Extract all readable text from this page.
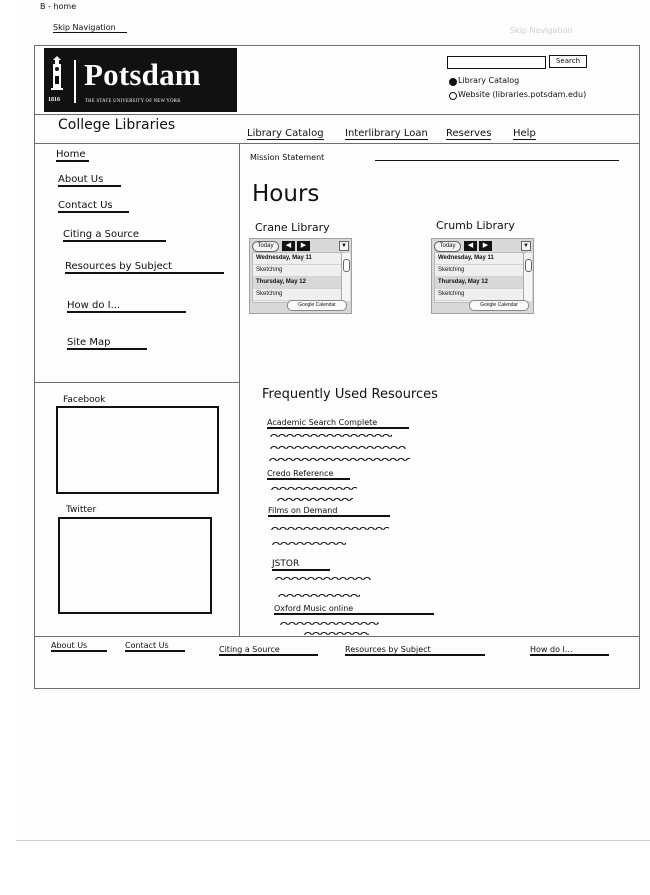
B - home
Skip Navigation	Skip Navigation
1816
Potsdam
THE STATE UNIVERSITY OF NEW YORK
Search
Library Catalog
Website (libraries.potsdam.edu)
College Libraries
Library Catalog Interlibrary Loan Reserves Help
Mission Statement
Home
About Us
Contact Us
Citing a Source
Resources by Subject
How do I...
Site Map
Facebook
Twitter
Hours
Crane Library
Today	◀	▶	▼
Wednesday, May 11
Sketching
Thursday, May 12
Sketching
Google Calendar
Crumb Library
Today	◀	▶	▼
Wednesday, May 11
Sketching
Thursday, May 12
Sketching
Google Calendar
Frequently Used Resources
Academic Search Complete
Credo Reference
Films on Demand
JSTOR
Oxford Music online
About Us	Contact Us	Citing a Source	Resources by Subject	How do I...
